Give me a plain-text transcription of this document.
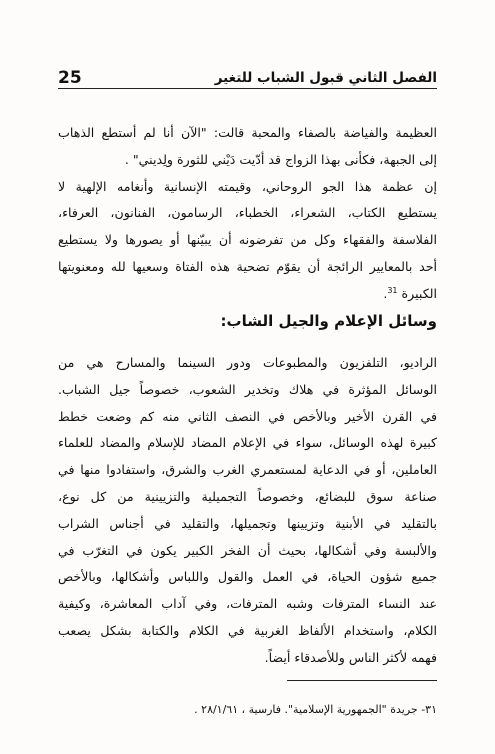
25	الفصل الثاني قبول الشباب للتغير

العظيمة والفياضة بالصفاء والمحبة قالت: "الآن أنا لم أستطع الذهاب
إلى الجبهة، فكأنى بهذا الزواج قد أدّيت دَيْني للثورة ولِديني" .

إن عظمة هذا الجو الروحاني، وقيمته الإنسانية وأنغامه الإلهية لا
يستطيع الكتاب، الشعراء، الخطباء، الرسامون، الفنانون، العرفاء،
الفلاسفة والفقهاء وكل من تفرضونه أن يبيّنها أو يصورها ولا يستطيع
أحد بالمعايير الرائجة أن يقوّم تضحية هذه الفتاة وسعيها لله ومعنويتها
الكبيرة $^{31}$.

وسائل الإعلام والجيل الشاب:

الراديو، التلفزيون والمطبوعات ودور السينما والمسارح هي من
الوسائل المؤثرة في هلاك وتخدير الشعوب، خصوصاً جيل الشباب.
في القرن الأخير وبالأخص في النصف الثاني منه كم وضعت خطط
كبيرة لهذه الوسائل، سواء في الإعلام المضاد للإسلام والمضاد للعلماء
العاملين، أو في الدعاية لمستعمري الغرب والشرق، واستفادوا منها في
صناعة سوق للبضائع، وخصوصاً التجميلية والتزيينية من كل نوع،
بالتقليد في الأبنية وتزيينها وتجميلها، والتقليد في أجناس الشراب
والألبسة وفي أشكالها، بحيث أن الفخر الكبير يكون في التغرّب في
جميع شؤون الحياة، في العمل والقول واللباس وأشكالها، وبالأخص
عند النساء المترفات وشبه المترفات، وفي آداب المعاشرة، وكيفية
الكلام، واستخدام الألفاظ الغربية في الكلام والكتابة بشكل يصعب
فهمه لأكثر الناس وللأصدقاء أيضاً.

٣١- جريدة "الجمهورية الإسلامية". فارسية ، ٢٨/١/٦١ .
